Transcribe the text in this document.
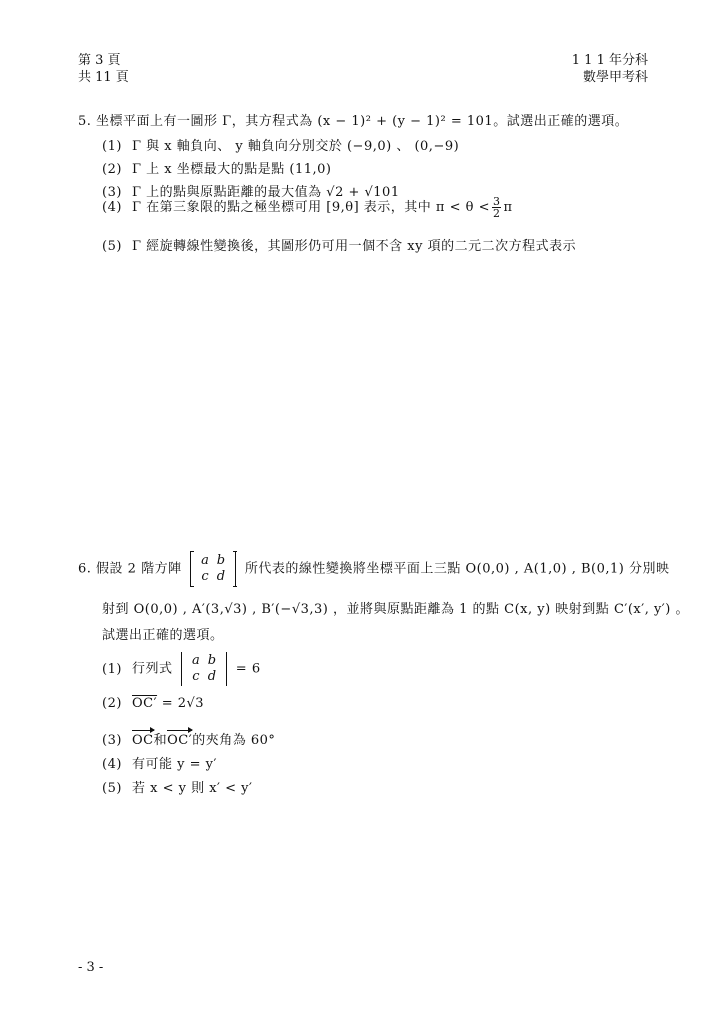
第 3 頁
共 11 頁
1 1 1 年分科
數學甲考科
5. 坐標平面上有一圖形 Γ，其方程式為 (x − 1)² + (y − 1)² = 101。試選出正確的選項。
(1) Γ 與 x 軸負向、 y 軸負向分別交於 (−9,0) 、 (0,−9)
(2) Γ 上 x 坐標最大的點是點 (11,0)
(3) Γ 上的點與原點距離的最大值為 √2 + √101
(4) Γ 在第三象限的點之極坐標可用 [9,θ] 表示，其中 $\pi < \theta < \frac{3}{2}$ π
(5) Γ 經旋轉線性變換後，其圖形仍可用一個不含 xy 項的二元二次方程式表示
6. 假設 2 階方陣 a b
c d 所代表的線性變換將坐標平面上三點 O(0,0) , A(1,0) , B(0,1) 分別映
射到 O(0,0) , A′(3,√3) , B′(−√3,3) ，並將與原點距離為 1 的點 C(x, y) 映射到點 C′(x′, y′) 。
試選出正確的選項。
(1) 行列式 a b
c d = 6
(2) OC′ = 2√3
(3) OC和OC′的夾角為 60°
(4) 有可能 y = y′
(5) 若 x < y 則 x′ < y′
- 3 -
